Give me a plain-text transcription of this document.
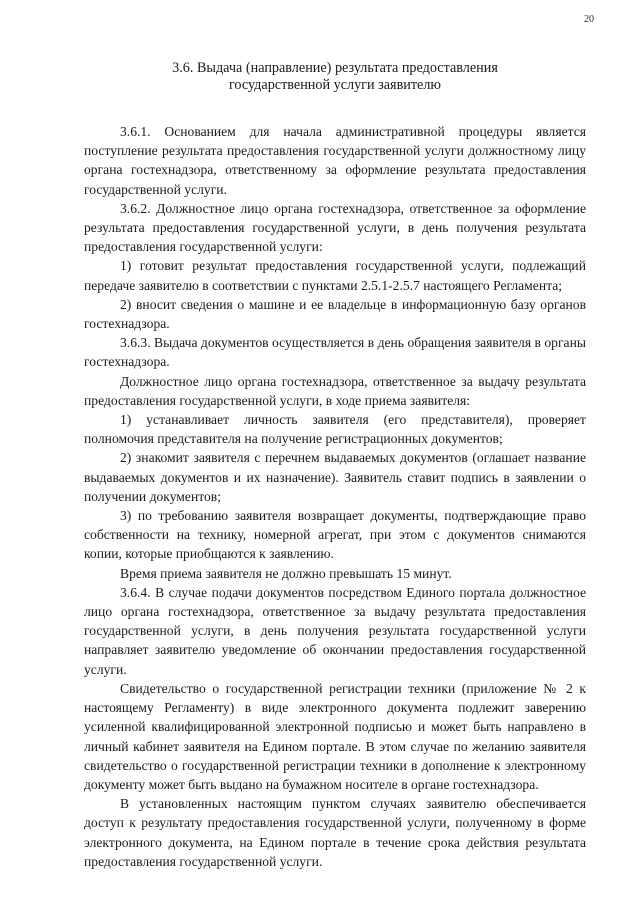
20
3.6. Выдача (направление) результата предоставления
государственной услуги заявителю

3.6.1. Основанием для начала административной процедуры является поступление результата предоставления государственной услуги должностному лицу органа гостехнадзора, ответственному за оформление результата предоставления государственной услуги.

3.6.2. Должностное лицо органа гостехнадзора, ответственное за оформление результата предоставления государственной услуги, в день получения результата предоставления государственной услуги:

1) готовит результат предоставления государственной услуги, подлежащий передаче заявителю в соответствии с пунктами 2.5.1-2.5.7 настоящего Регламента;

2) вносит сведения о машине и ее владельце в информационную базу органов гостехнадзора.

3.6.3. Выдача документов осуществляется в день обращения заявителя в органы гостехнадзора.

Должностное лицо органа гостехнадзора, ответственное за выдачу результата предоставления государственной услуги, в ходе приема заявителя:

1) устанавливает личность заявителя (его представителя), проверяет полномочия представителя на получение регистрационных документов;

2) знакомит заявителя с перечнем выдаваемых документов (оглашает название выдаваемых документов и их назначение). Заявитель ставит подпись в заявлении о получении документов;

3) по требованию заявителя возвращает документы, подтверждающие право собственности на технику, номерной агрегат, при этом с документов снимаются копии, которые приобщаются к заявлению.

Время приема заявителя не должно превышать 15 минут.

3.6.4. В случае подачи документов посредством Единого портала должностное лицо органа гостехнадзора, ответственное за выдачу результата предоставления государственной услуги, в день получения результата государственной услуги направляет заявителю уведомление об окончании предоставления государственной услуги.

Свидетельство о государственной регистрации техники (приложение № 2 к настоящему Регламенту) в виде электронного документа подлежит заверению усиленной квалифицированной электронной подписью и может быть направлено в личный кабинет заявителя на Едином портале. В этом случае по желанию заявителя свидетельство о государственной регистрации техники в дополнение к электронному документу может быть выдано на бумажном носителе в органе гостехнадзора.

В установленных настоящим пунктом случаях заявителю обеспечивается доступ к результату предоставления государственной услуги, полученному в форме электронного документа, на Едином портале в течение срока действия результата предоставления государственной услуги.
